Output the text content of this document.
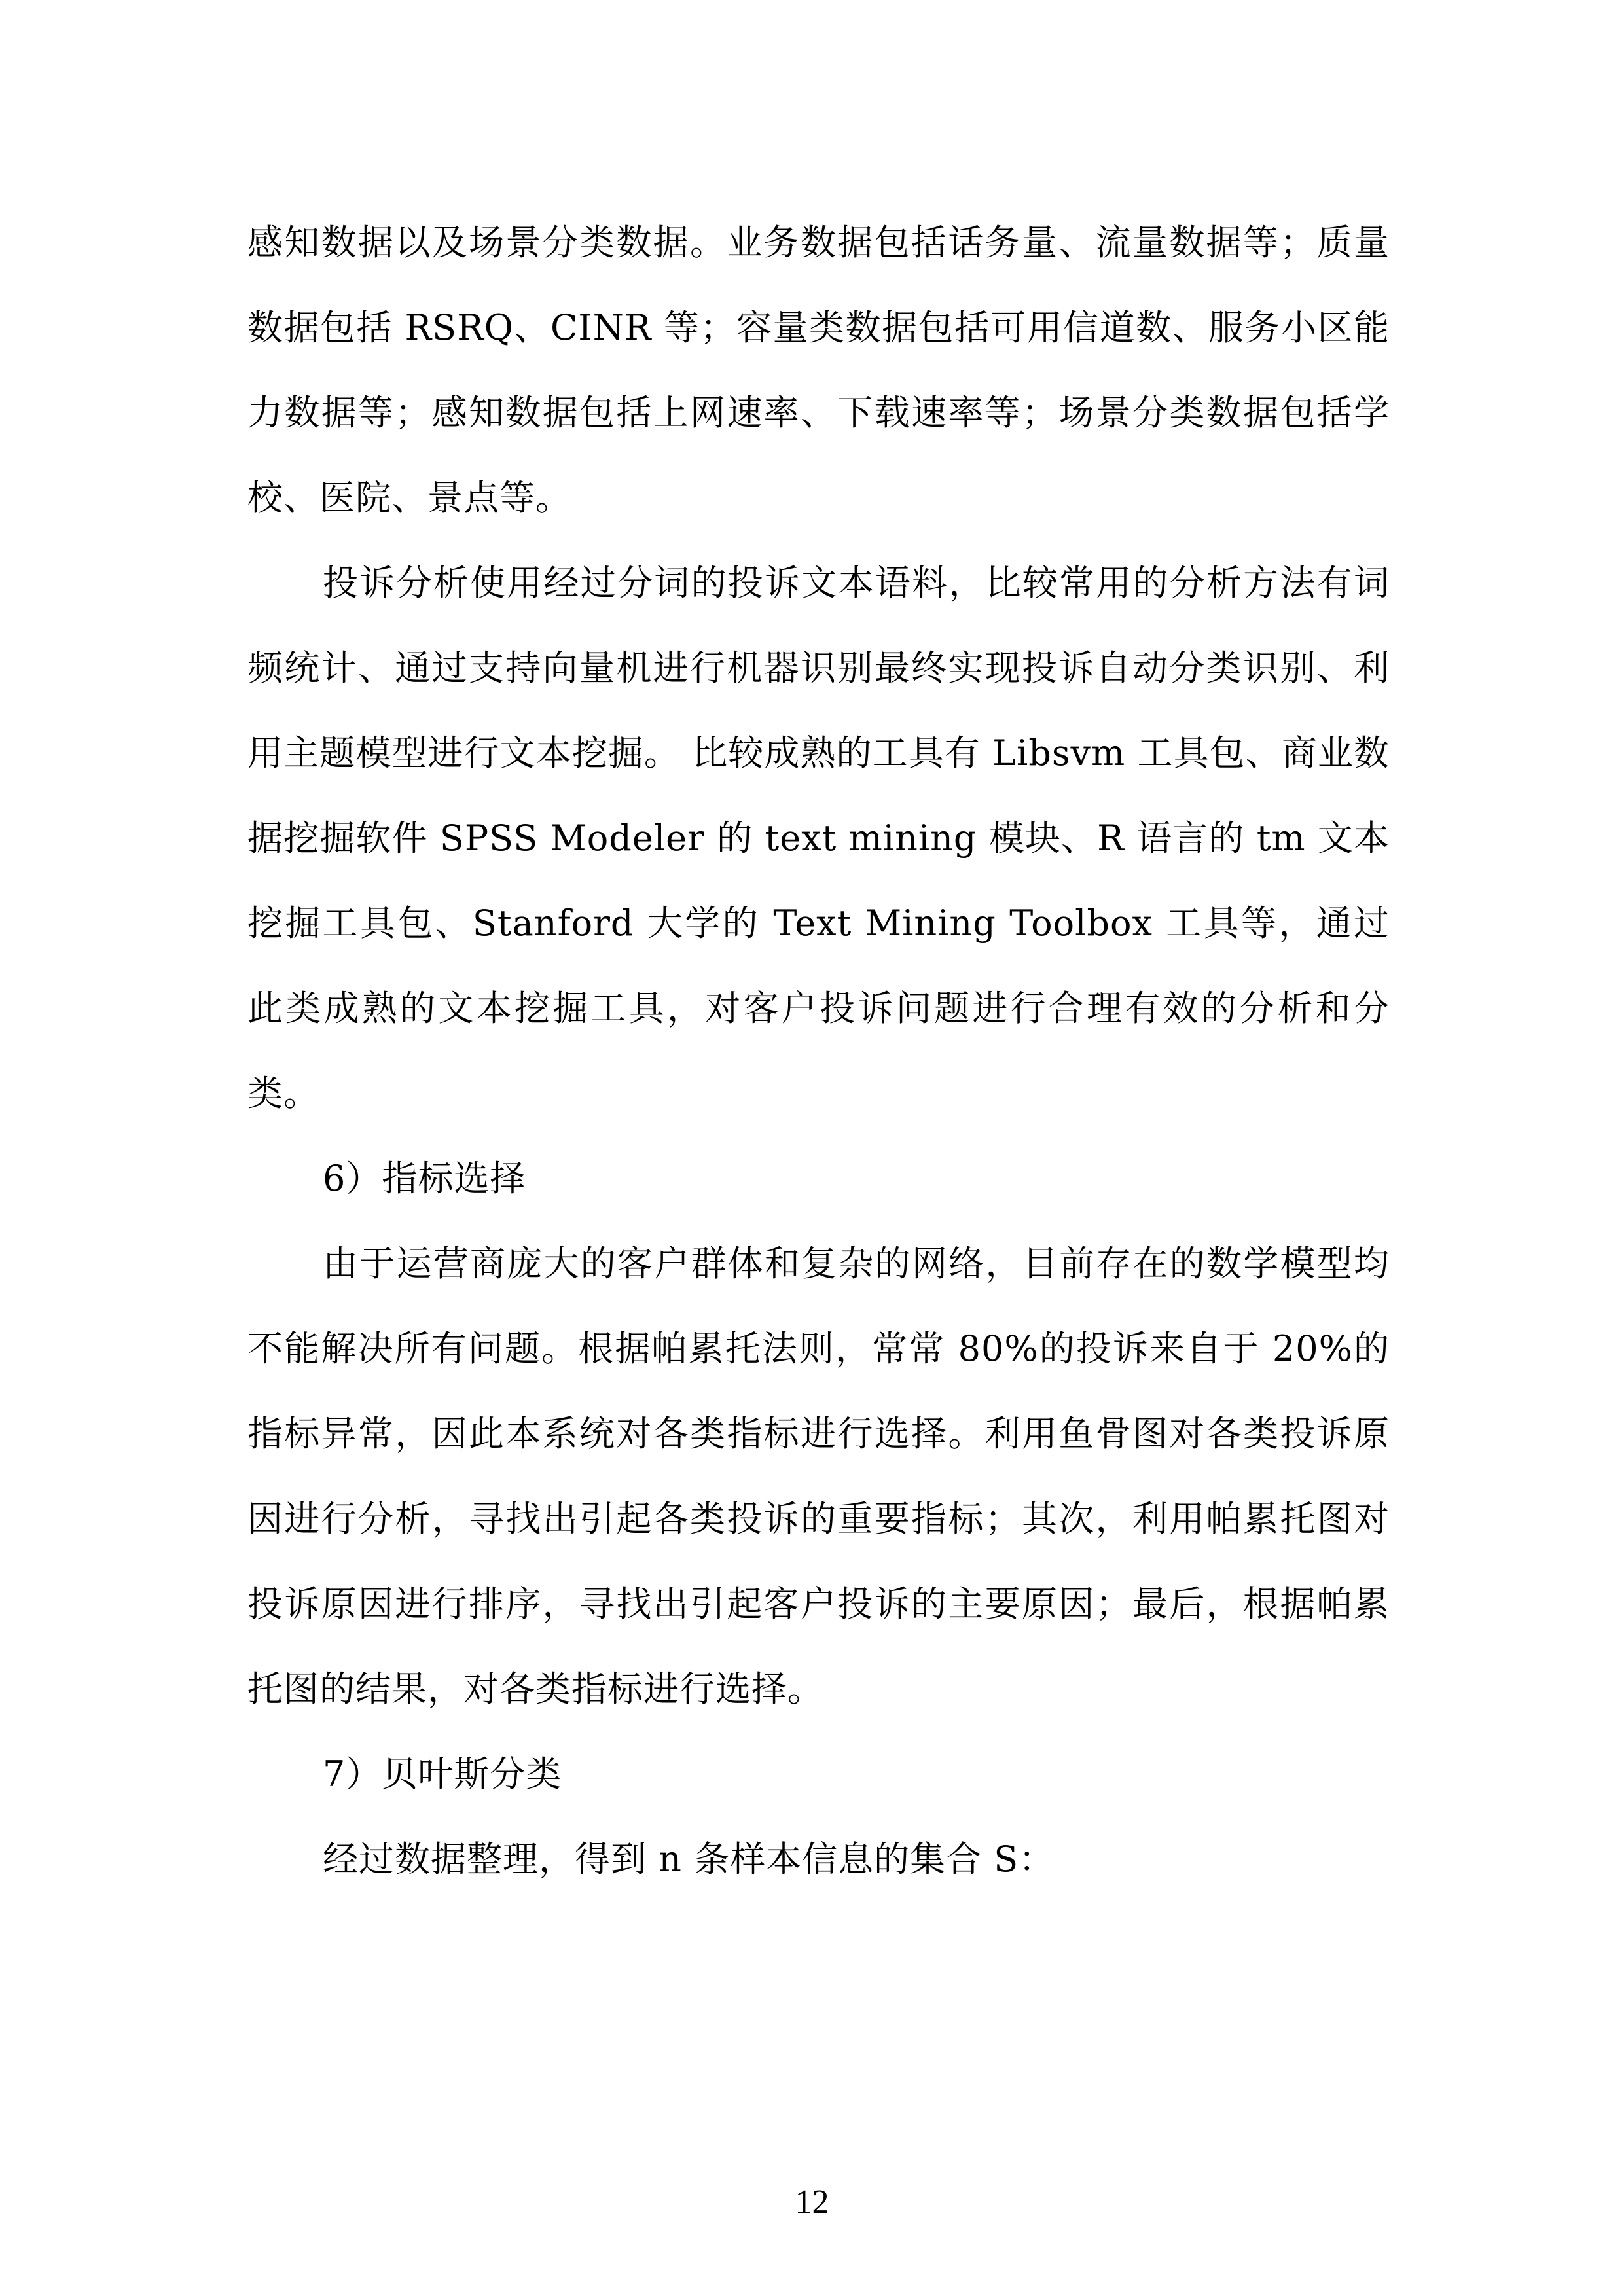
感知数据以及场景分类数据。业务数据包括话务量、流量数据等；质量数据包括 RSRQ、CINR 等；容量类数据包括可用信道数、服务小区能力数据等；感知数据包括上网速率、下载速率等；场景分类数据包括学校、医院、景点等。

投诉分析使用经过分词的投诉文本语料，比较常用的分析方法有词频统计、通过支持向量机进行机器识别最终实现投诉自动分类识别、利用主题模型进行文本挖掘。 比较成熟的工具有 Libsvm 工具包、商业数据挖掘软件 SPSS Modeler 的 text mining 模块、R 语言的 tm 文本挖掘工具包、Stanford 大学的 Text Mining Toolbox 工具等，通过此类成熟的文本挖掘工具，对客户投诉问题进行合理有效的分析和分类。

6）指标选择

由于运营商庞大的客户群体和复杂的网络，目前存在的数学模型均不能解决所有问题。根据帕累托法则，常常 80%的投诉来自于 20%的指标异常，因此本系统对各类指标进行选择。利用鱼骨图对各类投诉原因进行分析，寻找出引起各类投诉的重要指标；其次，利用帕累托图对投诉原因进行排序，寻找出引起客户投诉的主要原因；最后，根据帕累托图的结果，对各类指标进行选择。

7）贝叶斯分类

经过数据整理，得到 n 条样本信息的集合 S：

12
